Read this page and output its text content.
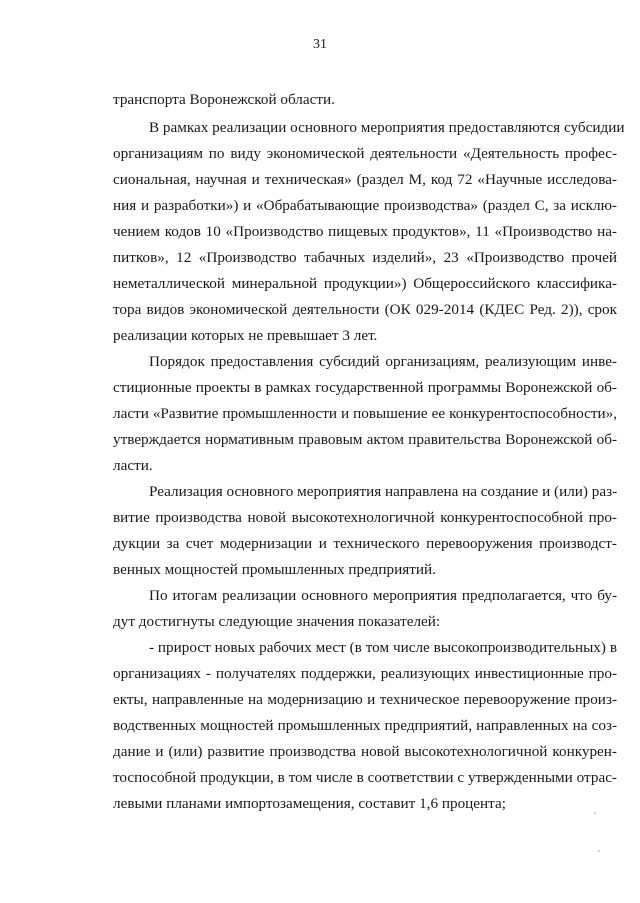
31
транспорта Воронежской области.
В рамках реализации основного мероприятия предоставляются субсидии
организациям по виду экономической деятельности «Деятельность профес-
сиональная, научная и техническая» (раздел М, код 72 «Научные исследова-
ния и разработки») и «Обрабатывающие производства» (раздел С, за исклю-
чением кодов 10 «Производство пищевых продуктов», 11 «Производство на-
питков», 12 «Производство табачных изделий», 23 «Производство прочей
неметаллической минеральной продукции») Общероссийского классифика-
тора видов экономической деятельности (ОК 029-2014 (КДЕС Ред. 2)), срок
реализации которых не превышает 3 лет.
Порядок предоставления субсидий организациям, реализующим инве-
стиционные проекты в рамках государственной программы Воронежской об-
ласти «Развитие промышленности и повышение ее конкурентоспособности»,
утверждается нормативным правовым актом правительства Воронежской об-
ласти.
Реализация основного мероприятия направлена на создание и (или) раз-
витие производства новой высокотехнологичной конкурентоспособной про-
дукции за счет модернизации и технического перевооружения производст-
венных мощностей промышленных предприятий.
По итогам реализации основного мероприятия предполагается, что бу-
дут достигнуты следующие значения показателей:
- прирост новых рабочих мест (в том числе высокопроизводительных) в
организациях - получателях поддержки, реализующих инвестиционные про-
екты, направленные на модернизацию и техническое перевооружение произ-
водственных мощностей промышленных предприятий, направленных на соз-
дание и (или) развитие производства новой высокотехнологичной конкурен-
тоспособной продукции, в том числе в соответствии с утвержденными отрас-
левыми планами импортозамещения, составит 1,6 процента;
